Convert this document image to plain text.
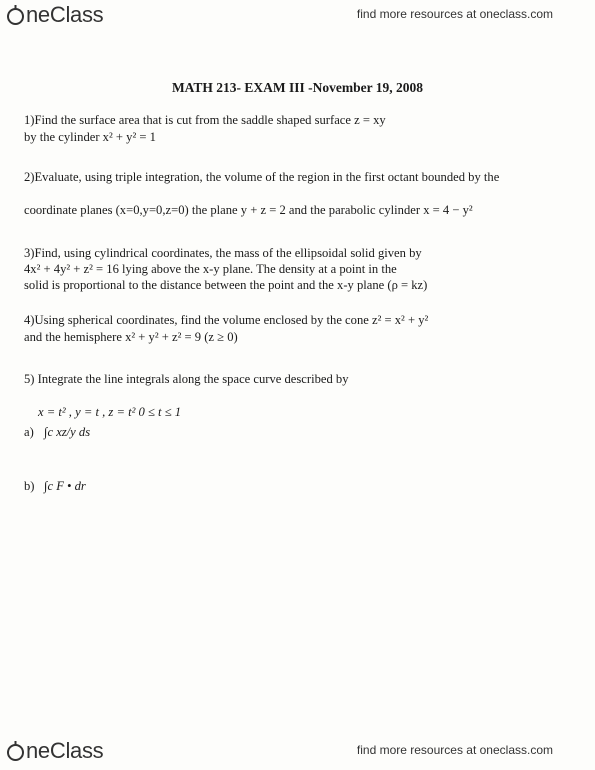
neClass	find more resources at oneclass.com
MATH 213- EXAM III -November 19, 2008
1)Find the surface area that is cut from the saddle shaped surface z = xy
by the cylinder x² + y² = 1
2)Evaluate, using triple integration, the volume of the region in the first octant bounded by the
coordinate planes (x=0,y=0,z=0) the plane y + z = 2 and the parabolic cylinder x = 4 − y²
3)Find, using cylindrical coordinates, the mass of the ellipsoidal solid given by
4x² + 4y² + z² = 16 lying above the x-y plane. The density at a point in the
solid is proportional to the distance between the point and the x-y plane (ρ = kz)
4)Using spherical coordinates, find the volume enclosed by the cone z² = x² + y²
and the hemisphere x² + y² + z² = 9 (z ≥ 0)
5) Integrate the line integrals along the space curve described by
x = t² , y = t , z = t² 0 ≤ t ≤ 1
a) ∫c xz/y ds
b) ∫c F • dr
neClass	find more resources at oneclass.com
